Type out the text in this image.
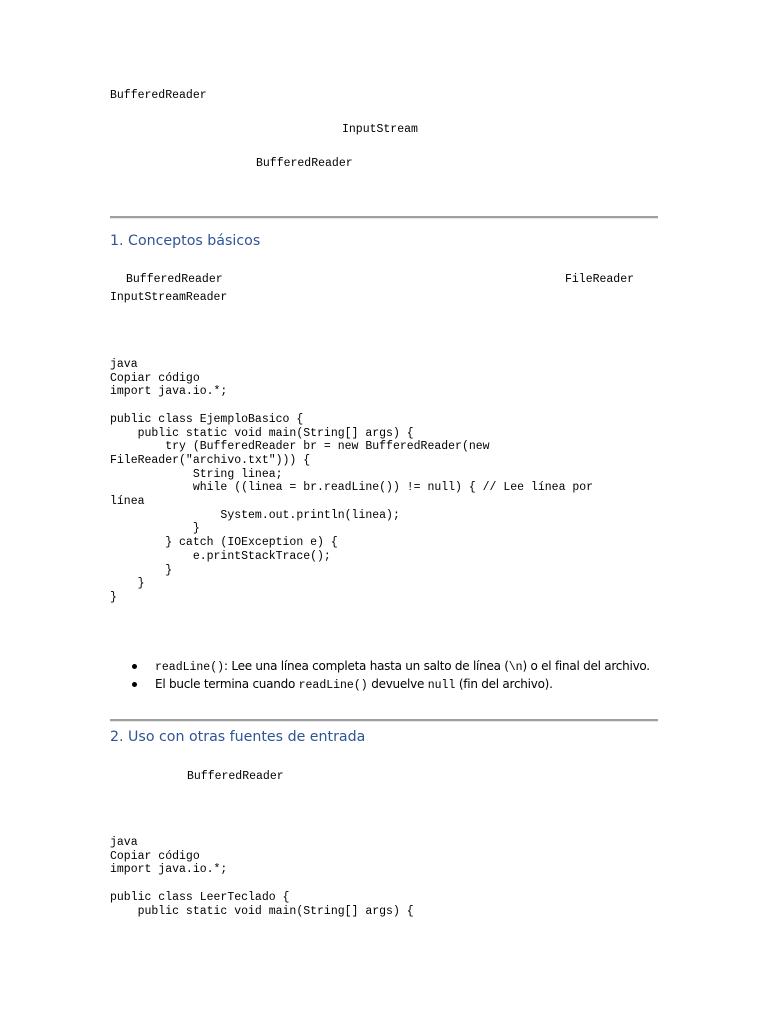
BufferedReader
InputStream
BufferedReader
1. Conceptos básicos
BufferedReader	FileReader
InputStreamReader
java
Copiar código
import java.io.*;

public class EjemploBasico {
public static void main(String[] args) {
try (BufferedReader br = new BufferedReader(new
FileReader("archivo.txt"))) {
String linea;
while ((linea = br.readLine()) != null) { // Lee línea por
línea
System.out.println(linea);
}
} catch (IOException e) {
e.printStackTrace();
}
}
}
readLine(): Lee una línea completa hasta un salto de línea (\n) o el final del archivo.
El bucle termina cuando readLine() devuelve null (fin del archivo).
2. Uso con otras fuentes de entrada
BufferedReader
java
Copiar código
import java.io.*;

public class LeerTeclado {
public static void main(String[] args) {
